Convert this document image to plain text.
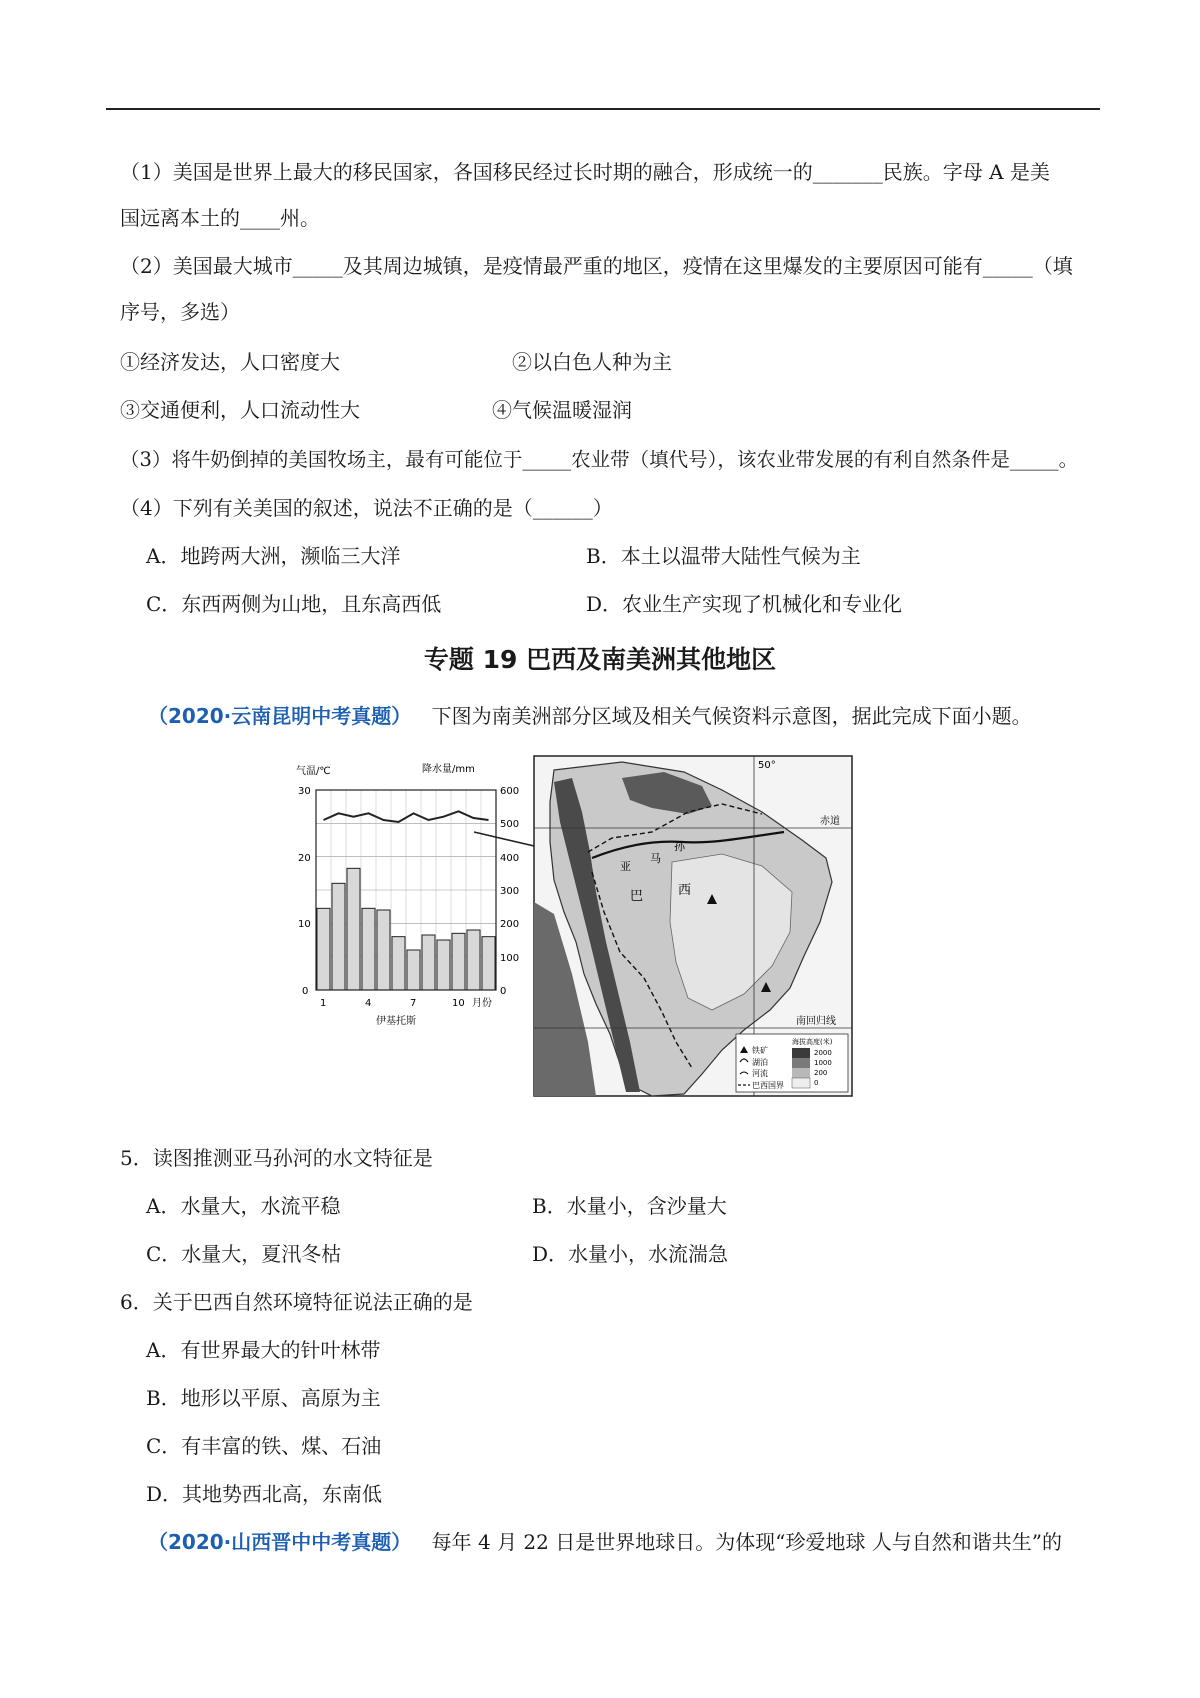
（1）美国是世界上最大的移民国家，各国移民经过长时期的融合，形成统一的_______民族。字母 A 是美
国远离本土的____州。
（2）美国最大城市_____及其周边城镇，是疫情最严重的地区，疫情在这里爆发的主要原因可能有_____（填
序号，多选）
①经济发达，人口密度大	②以白色人种为主
③交通便利，人口流动性大	④气候温暖湿润
（3）将牛奶倒掉的美国牧场主，最有可能位于_____农业带（填代号），该农业带发展的有利自然条件是_____。
（4）下列有关美国的叙述，说法不正确的是（______）
A．地跨两大洲，濒临三大洋	B．本土以温带大陆性气候为主
C．东西两侧为山地，且东高西低	D．农业生产实现了机械化和专业化
专题 19 巴西及南美洲其他地区
（2020·云南昆明中考真题） 下图为南美洲部分区域及相关气候资料示意图，据此完成下面小题。
气温/℃	降水量/mm
30
20
10
0
600
500
400
300
200
100
0
1	4	7	10 月份
伊基托斯
50°
赤道
南回归线
亚
马
孙
巴	西
铁矿
湖泊
河流
巴西国界
海拔高度(米)
2000
1000
200
0
5．读图推测亚马孙河的水文特征是
A．水量大，水流平稳	B．水量小，含沙量大
C．水量大，夏汛冬枯	D．水量小，水流湍急
6．关于巴西自然环境特征说法正确的是
A．有世界最大的针叶林带
B．地形以平原、高原为主
C．有丰富的铁、煤、石油
D．其地势西北高，东南低
（2020·山西晋中中考真题） 每年 4 月 22 日是世界地球日。为体现“珍爱地球 人与自然和谐共生”的
